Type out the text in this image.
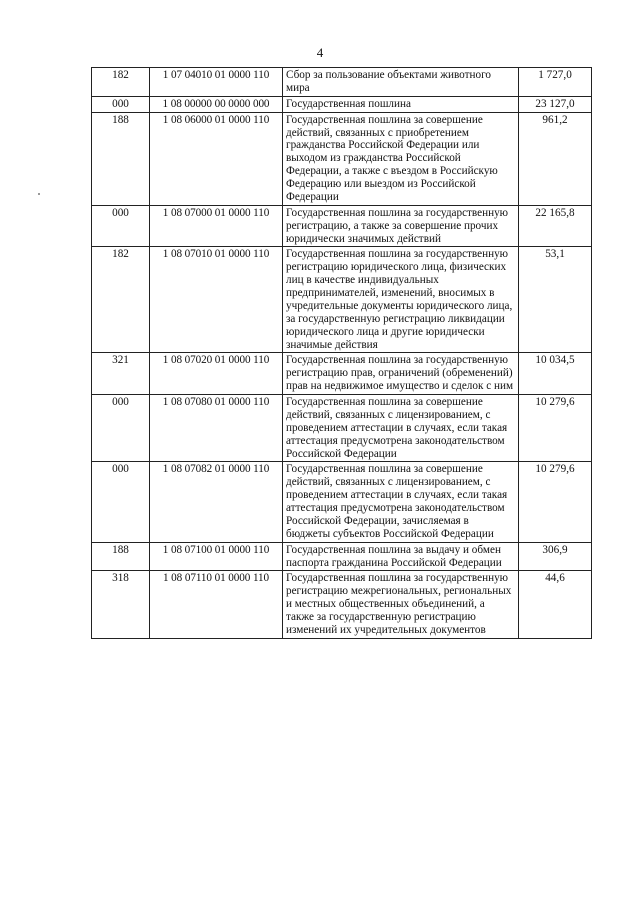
4
182	1 07 04010 01 0000 110	Сбор за пользование объектами животного мира	1 727,0
000	1 08 00000 00 0000 000	Государственная пошлина	23 127,0
188	1 08 06000 01 0000 110	Государственная пошлина за совершение действий, связанных с приобретением гражданства Российской Федерации или выходом из гражданства Российской Федерации, а также с въездом в Российскую Федерацию или выездом из Российской Федерации	961,2
000	1 08 07000 01 0000 110	Государственная пошлина за государственную регистрацию, а также за совершение прочих юридически значимых действий	22 165,8
182	1 08 07010 01 0000 110	Государственная пошлина за государственную регистрацию юридического лица, физических лиц в качестве индивидуальных предпринимателей, изменений, вносимых в учредительные документы юридического лица, за государственную регистрацию ликвидации юридического лица и другие юридически значимые действия	53,1
321	1 08 07020 01 0000 110	Государственная пошлина за государственную регистрацию прав, ограничений (обременений) прав на недвижимое имущество и сделок с ним	10 034,5
000	1 08 07080 01 0000 110	Государственная пошлина за совершение действий, связанных с лицензированием, с проведением аттестации в случаях, если такая аттестация предусмотрена законодательством Российской Федерации	10 279,6
000	1 08 07082 01 0000 110	Государственная пошлина за совершение действий, связанных с лицензированием, с проведением аттестации в случаях, если такая аттестация предусмотрена законодательством Российской Федерации, зачисляемая в бюджеты субъектов Российской Федерации	10 279,6
188	1 08 07100 01 0000 110	Государственная пошлина за выдачу и обмен паспорта гражданина Российской Федерации	306,9
318	1 08 07110 01 0000 110	Государственная пошлина за государственную регистрацию межрегиональных, региональных и местных общественных объединений, а также за государственную регистрацию изменений их учредительных документов	44,6
